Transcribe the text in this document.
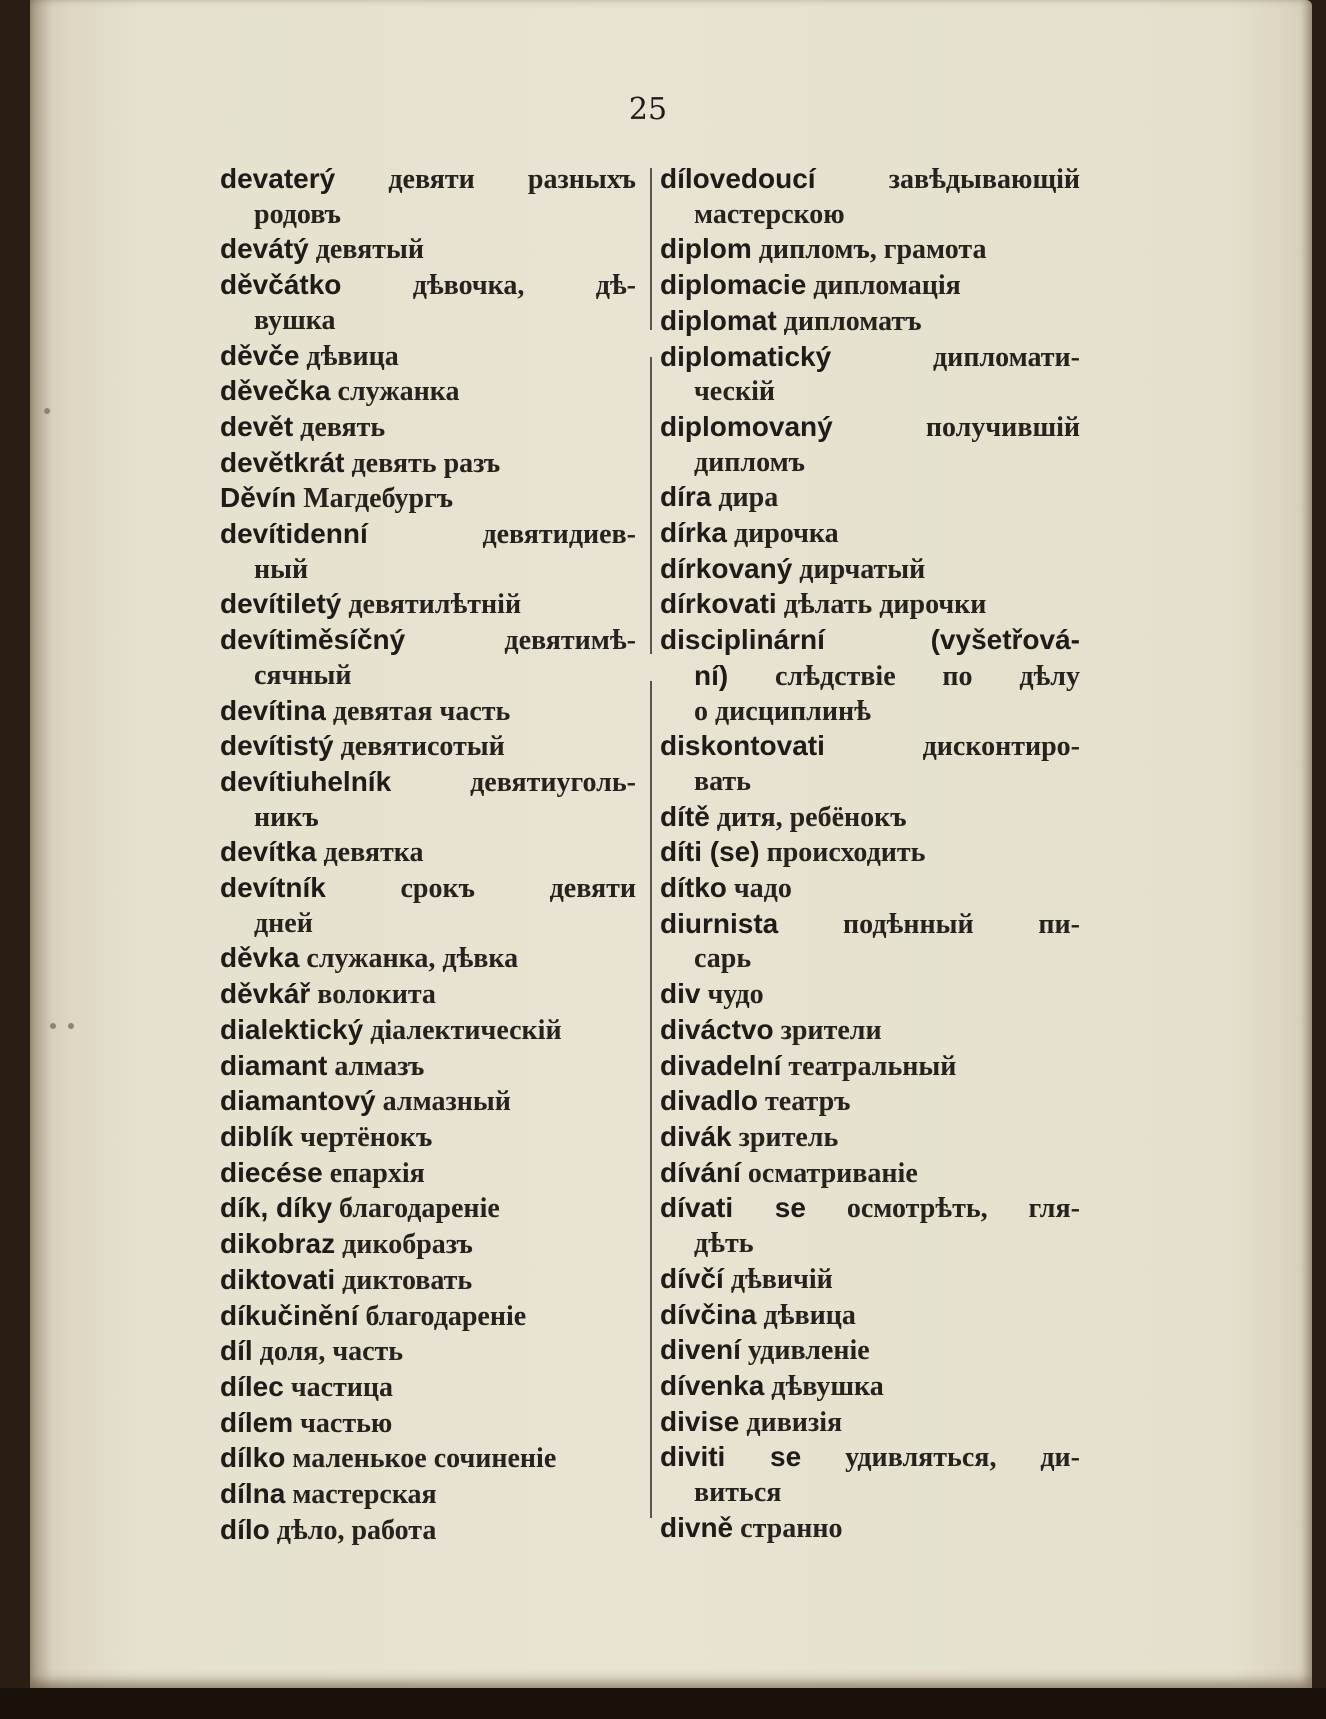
25
devaterý девяти разныхъ
родовъ
devátý девятый
děvčátko дѣвочка, дѣ-
вушка
děvče дѣвица
děvečka служанка
devět девять
devětkrát девять разъ
Děvín Магдебургъ
devítidenní девятидиев-
ный
devítiletý девятилѣтній
devítiměsíčný девятимѣ-
сячный
devítina девятая часть
devítistý девятисотый
devítiuhelník девятиуголь-
никъ
devítka девятка
devítník срокъ девяти
дней
děvka служанка, дѣвка
děvkář волокита
dialektický діалектическій
diamant алмазъ
diamantový алмазный
diblík чертёнокъ
diecése епархія
dík, díky благодареніе
dikobraz дикобразъ
diktovati диктовать
díkučinění благодареніе
díl доля, часть
dílec частица
dílem частью
dílko маленькое сочиненіе
dílna мастерская
dílo дѣло, работа
dílovedoucí завѣдывающій
мастерскою
diplom дипломъ, грамота
diplomacie дипломація
diplomat дипломатъ
diplomatický дипломати-
ческій
diplomovaný получившій
дипломъ
díra дира
dírka дирочка
dírkovaný дирчатый
dírkovati дѣлать дирочки
disciplinární (vyšetřová-
ní) слѣдствіе по дѣлу
о дисциплинѣ
diskontovati дисконтиро-
вать
dítě дитя, ребёнокъ
díti (se) происходить
dítko чадо
diurnista подѣнный пи-
сарь
div чудо
diváctvo зрители
divadelní театральный
divadlo театръ
divák зритель
dívání осматриваніе
dívati se осмотрѣть, гля-
дѣть
dívčí дѣвичій
dívčina дѣвица
divení удивленіе
dívenka дѣвушка
divise дивизія
diviti se удивляться, ди-
виться
divně странно
